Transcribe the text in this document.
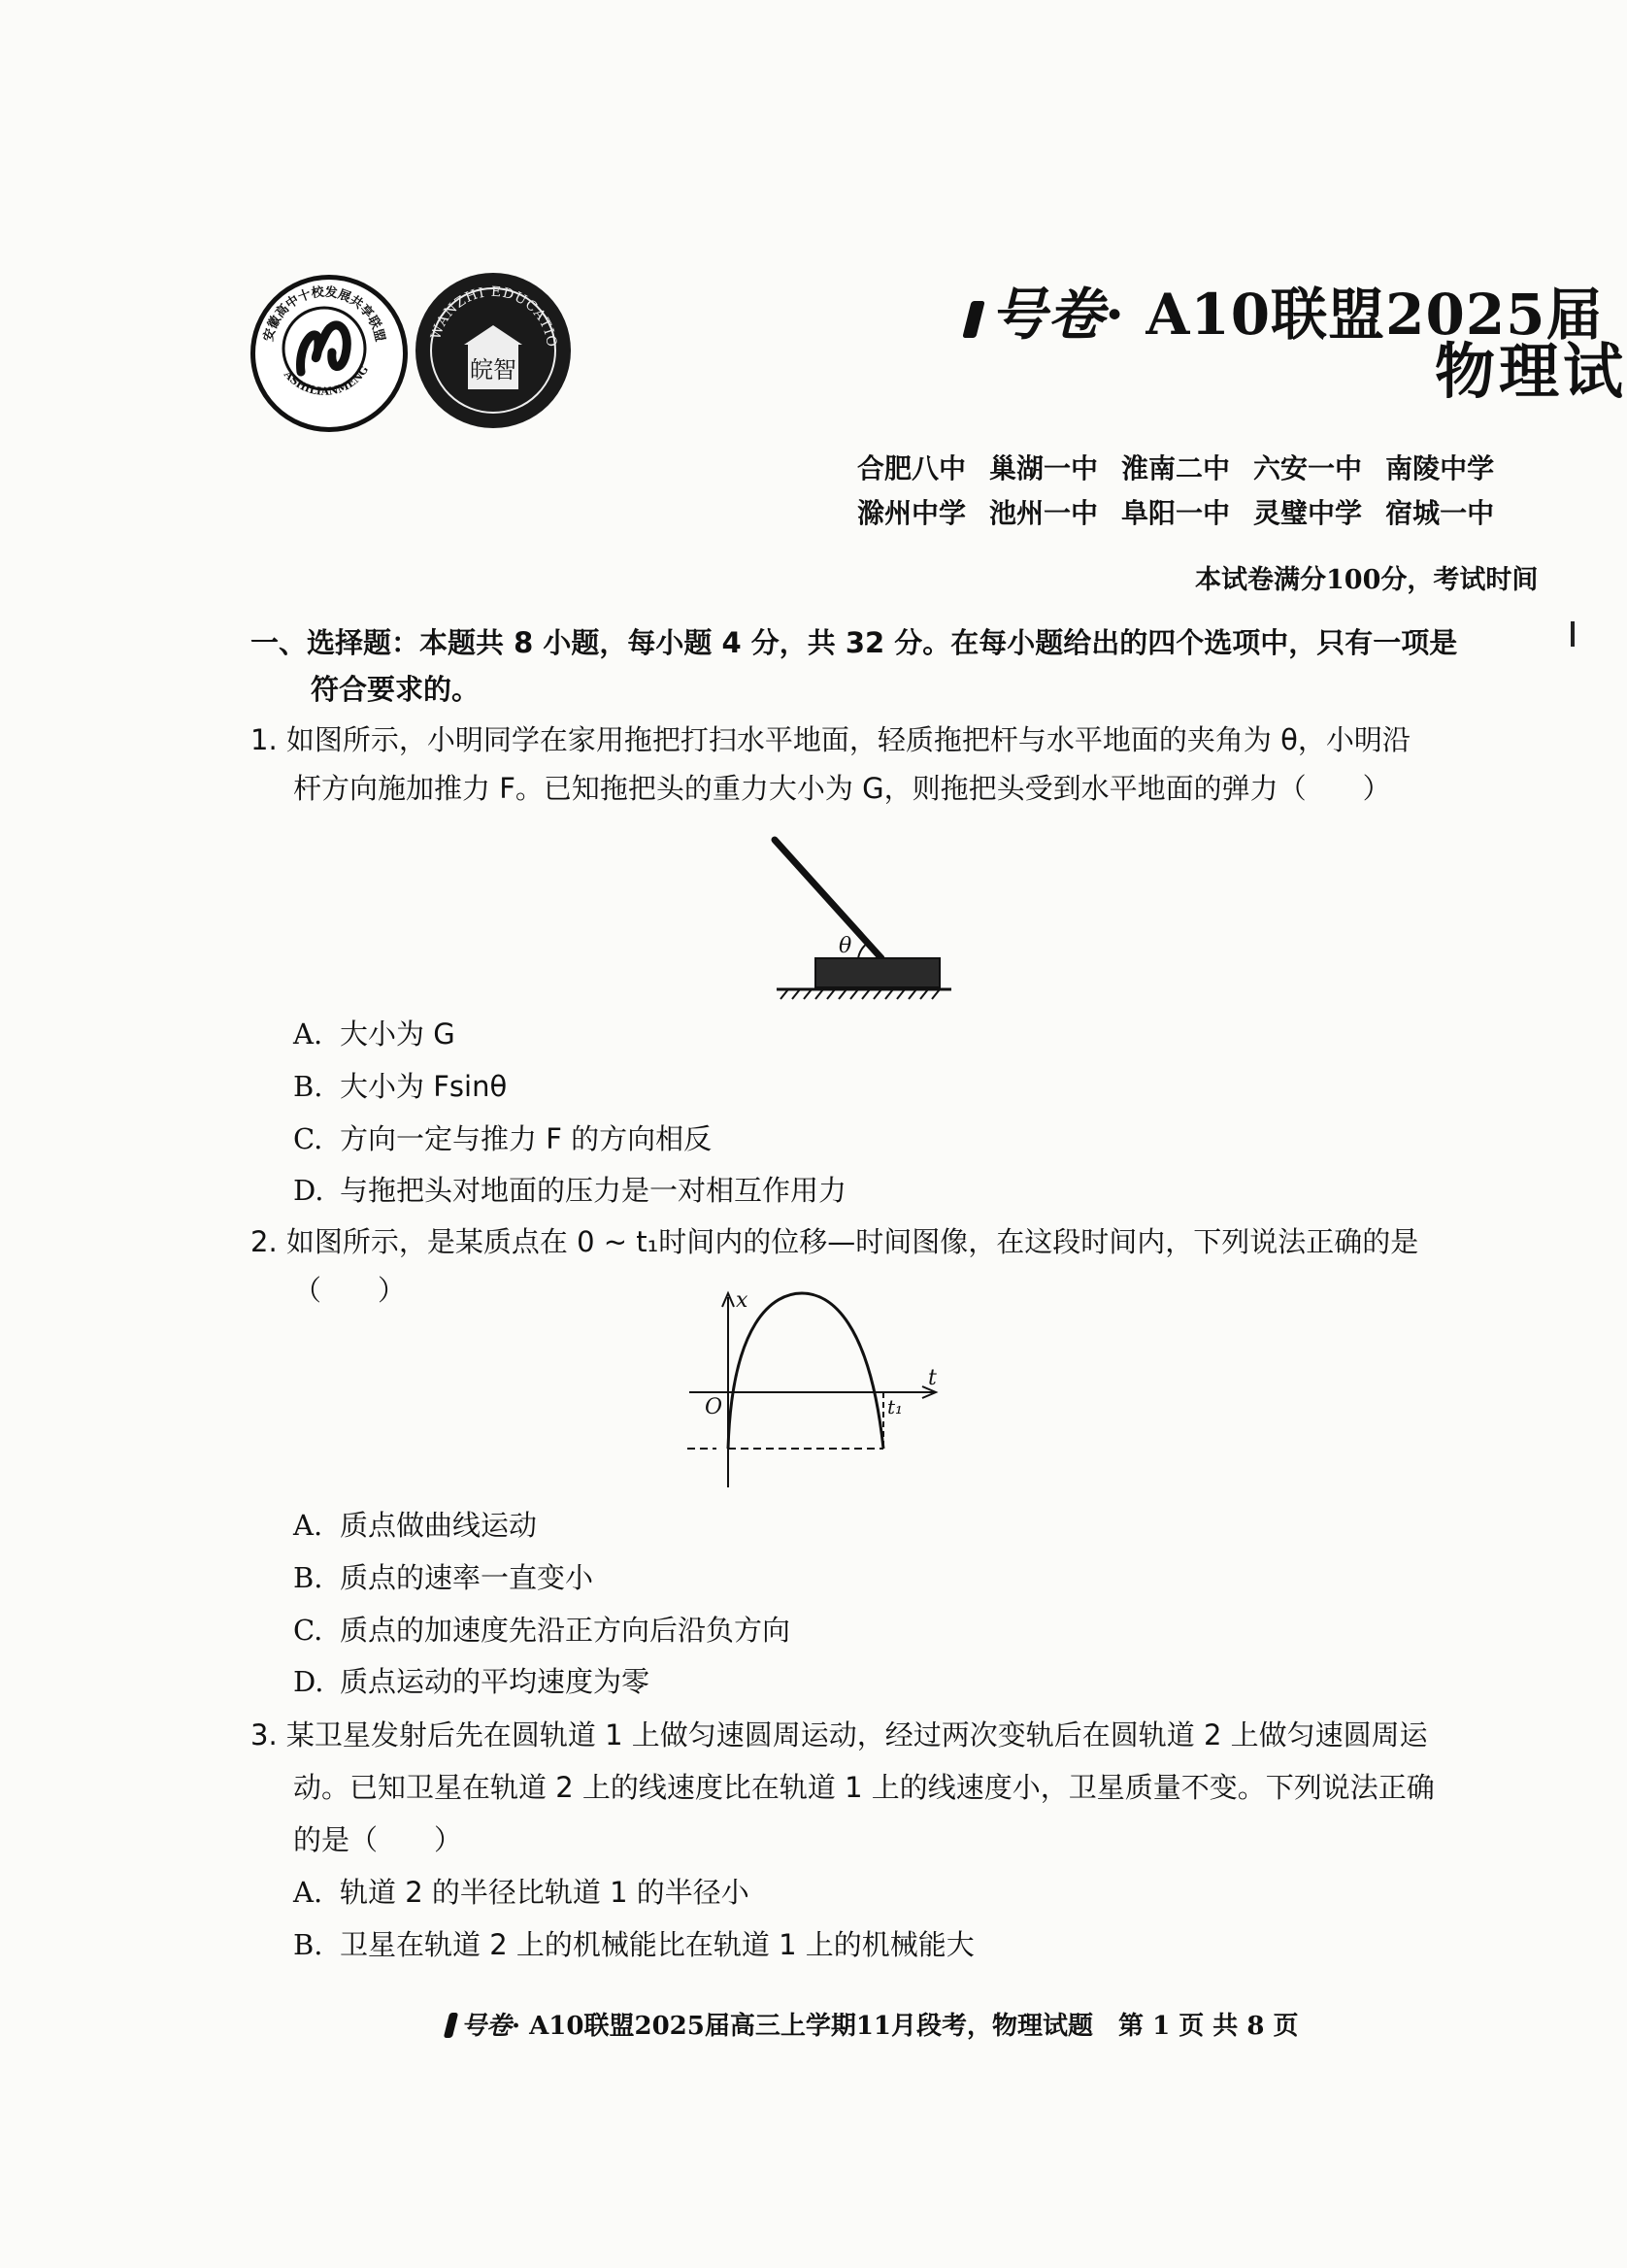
安徽高中十校发展共享联盟
ASHILIANMENG
WANZHI EDUCATIO
皖智
号卷· A10联盟2025届
物理试
合肥八中 巢湖一中 淮南二中 六安一中 南陵中学
滁州中学 池州一中 阜阳一中 灵璧中学 宿城一中
本试卷满分100分，考试时间
一、选择题：本题共 8 小题，每小题 4 分，共 32 分。在每小题给出的四个选项中，只有一项是
符合要求的。
1. 如图所示，小明同学在家用拖把打扫水平地面，轻质拖把杆与水平地面的夹角为 θ，小明沿
杆方向施加推力 F。已知拖把头的重力大小为 G，则拖把头受到水平地面的弹力（　　）
θ
A. 大小为 G
B. 大小为 Fsinθ
C. 方向一定与推力 F 的方向相反
D. 与拖把头对地面的压力是一对相互作用力
2. 如图所示，是某质点在 0 ~ t₁时间内的位移—时间图像，在这段时间内，下列说法正确的是
（　　）	x
t
O	t₁
A. 质点做曲线运动
B. 质点的速率一直变小
C. 质点的加速度先沿正方向后沿负方向
D. 质点运动的平均速度为零
3. 某卫星发射后先在圆轨道 1 上做匀速圆周运动，经过两次变轨后在圆轨道 2 上做匀速圆周运
动。已知卫星在轨道 2 上的线速度比在轨道 1 上的线速度小，卫星质量不变。下列说法正确
的是（　　）
A. 轨道 2 的半径比轨道 1 的半径小
B. 卫星在轨道 2 上的机械能比在轨道 1 上的机械能大
号卷· A10联盟2025届高三上学期11月段考，物理试题　第 1 页 共 8 页
